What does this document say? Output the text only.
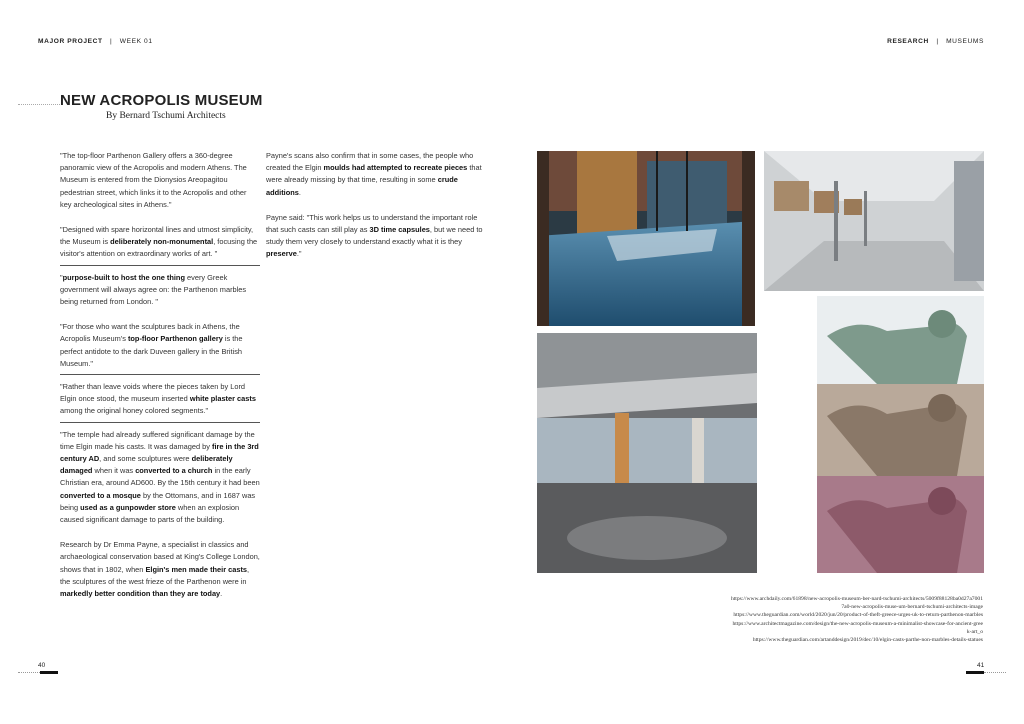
MAJOR PROJECT | WEEK 01	RESEARCH | MUSEUMS
NEW ACROPOLIS MUSEUM
By Bernard Tschumi Architects

"The top-floor Parthenon Gallery offers a 360-degree panoramic view of the Acropolis and modern Athens. The Museum is entered from the Dionysios Areopagitou pedestrian street, which links it to the Acropolis and other key archeological sites in Athens."

"Designed with spare horizontal lines and utmost simplicity, the Museum is deliberately non-monumental, focusing the visitor's attention on extraordinary works of art. "

"purpose-built to host the one thing every Greek government will always agree on: the Parthenon marbles being returned from London. "

"For those who want the sculptures back in Athens, the Acropolis Museum's top-floor Parthenon gallery is the perfect antidote to the dark Duveen gallery in the British Museum."

"Rather than leave voids where the pieces taken by Lord Elgin once stood, the museum inserted white plaster casts among the original honey colored segments."

"The temple had already suffered significant damage by the time Elgin made his casts. It was damaged by fire in the 3rd century AD, and some sculptures were deliberately damaged when it was converted to a church in the early Christian era, around AD600. By the 15th century it had been converted to a mosque by the Ottomans, and in 1687 was being used as a gunpowder store when an explosion caused significant damage to parts of the building.

Research by Dr Emma Payne, a specialist in classics and archaeological conservation based at King's College London, shows that in 1802, when Elgin's men made their casts, the sculptures of the west frieze of the Parthenon were in markedly better condition than they are today.

Payne's scans also confirm that in some cases, the people who created the Elgin moulds had attempted to recreate pieces that were already missing by that time, resulting in some crude additions.

Payne said: "This work helps us to understand the important role that such casts can still play as 3D time capsules, but we need to study them very closely to understand exactly what it is they preserve."

https://www.archdaily.com/61898/new-acropolis-museum-ber-nard-tschumi-architects/5009f88128ba0d27a70017a0-new-acropolis-muse-um-bernard-tschumi-architects-image
https://www.theguardian.com/world/2020/jun/20/product-of-theft-greece-urges-uk-to-return-parthenon-marbles
https://www.architectmagazine.com/design/the-new-acropolis-museum-a-minimalist-showcase-for-ancient-greek-art_o
https://www.theguardian.com/artanddesign/2019/dec/10/elgin-casts-parthe-non-marbles-details-statues
40	41
